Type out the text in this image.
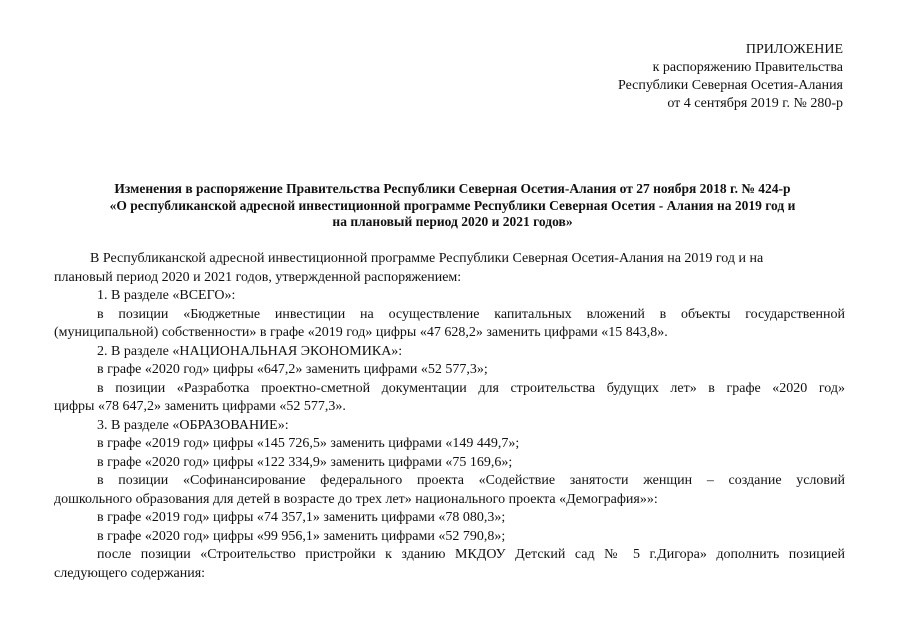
ПРИЛОЖЕНИЕ
к распоряжению Правительства
Республики Северная Осетия-Алания
от 4 сентября 2019 г. № 280-р
Изменения в распоряжение Правительства Республики Северная Осетия-Алания от 27 ноября 2018 г. № 424-р
«О республиканской адресной инвестиционной программе Республики Северная Осетия - Алания на 2019 год и
на плановый период 2020 и 2021 годов»
В Республиканской адресной инвестиционной программе Республики Северная Осетия-Алания на 2019 год и на
плановый период 2020 и 2021 годов, утвержденной распоряжением:
1. В разделе «ВСЕГО»:
в позиции «Бюджетные инвестиции на осуществление капитальных вложений в объекты государственной
(муниципальной) собственности» в графе «2019 год» цифры «47 628,2» заменить цифрами «15 843,8».
2. В разделе «НАЦИОНАЛЬНАЯ ЭКОНОМИКА»:
в графе «2020 год» цифры «647,2» заменить цифрами «52 577,3»;
в позиции «Разработка проектно-сметной документации для строительства будущих лет» в графе «2020 год»
цифры «78 647,2» заменить цифрами «52 577,3».
3. В разделе «ОБРАЗОВАНИЕ»:
в графе «2019 год» цифры «145 726,5» заменить цифрами «149 449,7»;
в графе «2020 год» цифры «122 334,9» заменить цифрами «75 169,6»;
в позиции «Софинансирование федерального проекта «Содействие занятости женщин – создание условий
дошкольного образования для детей в возрасте до трех лет» национального проекта «Демография»»:
в графе «2019 год» цифры «74 357,1» заменить цифрами «78 080,3»;
в графе «2020 год» цифры «99 956,1» заменить цифрами «52 790,8»;
после позиции «Строительство пристройки к зданию МКДОУ Детский сад № 5 г.Дигора» дополнить позицией
следующего содержания:
